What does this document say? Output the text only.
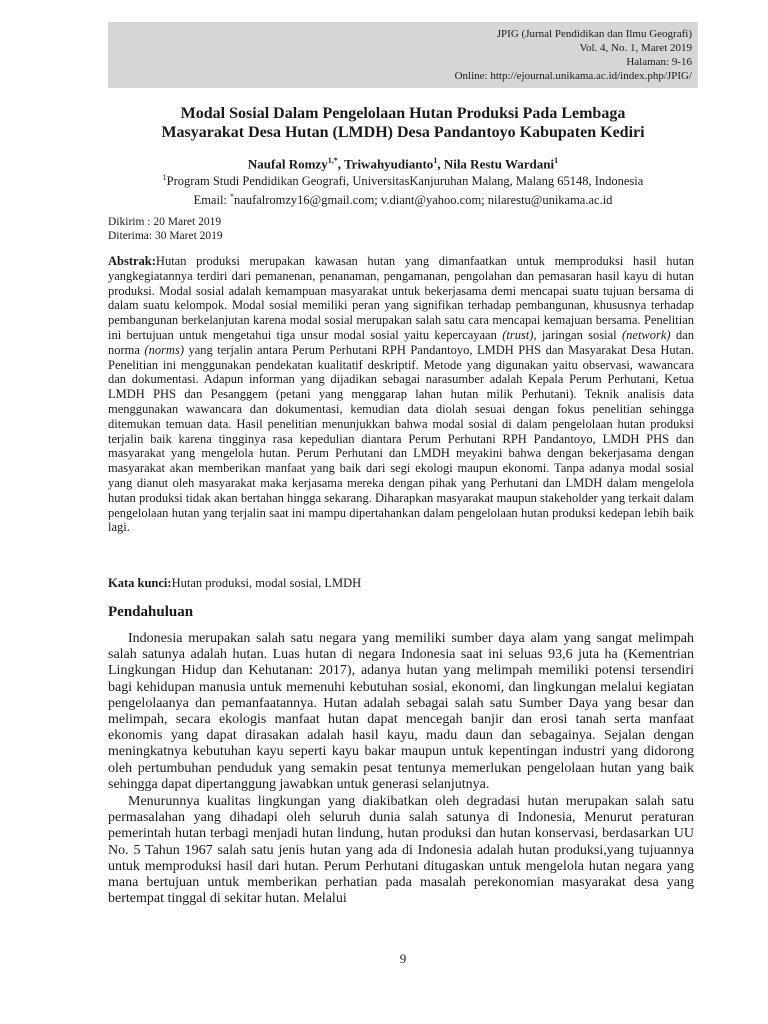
JPIG (Jurnal Pendidikan dan Ilmu Geografi)
Vol. 4, No. 1, Maret 2019
Halaman: 9-16
Online: http://ejournal.unikama.ac.id/index.php/JPIG/
Modal Sosial Dalam Pengelolaan Hutan Produksi Pada Lembaga
Masyarakat Desa Hutan (LMDH) Desa Pandantoyo Kabupaten Kediri
Naufal Romzy$^{1,*}$, Triwahyudianto$^1$, Nila Restu Wardani$^1$
$^1$Program Studi Pendidikan Geografi, UniversitasKanjuruhan Malang, Malang 65148, Indonesia
Email: *naufalromzy16@gmail.com; v.diant@yahoo.com; nilarestu@unikama.ac.id
Dikirim : 20 Maret 2019
Diterima: 30 Maret 2019
Abstrak:Hutan produksi merupakan kawasan hutan yang dimanfaatkan untuk memproduksi hasil hutan yangkegiatannya terdiri dari pemanenan, penanaman, pengamanan, pengolahan dan pemasaran hasil kayu di hutan produksi. Modal sosial adalah kemampuan masyarakat untuk bekerjasama demi mencapai suatu tujuan bersama di dalam suatu kelompok. Modal sosial memiliki peran yang signifikan terhadap pembangunan, khususnya terhadap pembangunan berkelanjutan karena modal sosial merupakan salah satu cara mencapai kemajuan bersama. Penelitian ini bertujuan untuk mengetahui tiga unsur modal sosial yaitu kepercayaan (trust), jaringan sosial (network) dan norma (norms) yang terjalin antara Perum Perhutani RPH Pandantoyo, LMDH PHS dan Masyarakat Desa Hutan. Penelitian ini menggunakan pendekatan kualitatif deskriptif. Metode yang digunakan yaitu observasi, wawancara dan dokumentasi. Adapun informan yang dijadikan sebagai narasumber adalah Kepala Perum Perhutani, Ketua LMDH PHS dan Pesanggem (petani yang menggarap lahan hutan milik Perhutani). Teknik analisis data menggunakan wawancara dan dokumentasi, kemudian data diolah sesuai dengan fokus penelitian sehingga ditemukan temuan data. Hasil penelitian menunjukkan bahwa modal sosial di dalam pengelolaan hutan produksi terjalin baik karena tingginya rasa kepedulian diantara Perum Perhutani RPH Pandantoyo, LMDH PHS dan masyarakat yang mengelola hutan. Perum Perhutani dan LMDH meyakini bahwa dengan bekerjasama dengan masyarakat akan memberikan manfaat yang baik dari segi ekologi maupun ekonomi. Tanpa adanya modal sosial yang dianut oleh masyarakat maka kerjasama mereka dengan pihak yang Perhutani dan LMDH dalam mengelola hutan produksi tidak akan bertahan hingga sekarang. Diharapkan masyarakat maupun stakeholder yang terkait dalam pengelolaan hutan yang terjalin saat ini mampu dipertahankan dalam pengelolaan hutan produksi kedepan lebih baik lagi.
Kata kunci:Hutan produksi, modal sosial, LMDH
Pendahuluan

Indonesia merupakan salah satu negara yang memiliki sumber daya alam yang sangat melimpah salah satunya adalah hutan. Luas hutan di negara Indonesia saat ini seluas 93,6 juta ha (Kementrian Lingkungan Hidup dan Kehutanan: 2017), adanya hutan yang melimpah memiliki potensi tersendiri bagi kehidupan manusia untuk memenuhi kebutuhan sosial, ekonomi, dan lingkungan melalui kegiatan pengelolaanya dan pemanfaatannya. Hutan adalah sebagai salah satu Sumber Daya yang besar dan melimpah, secara ekologis manfaat hutan dapat mencegah banjir dan erosi tanah serta manfaat ekonomis yang dapat dirasakan adalah hasil kayu, madu daun dan sebagainya. Sejalan dengan meningkatnya kebutuhan kayu seperti kayu bakar maupun untuk kepentingan industri yang didorong oleh pertumbuhan penduduk yang semakin pesat tentunya memerlukan pengelolaan hutan yang baik sehingga dapat dipertanggung jawabkan untuk generasi selanjutnya.

Menurunnya kualitas lingkungan yang diakibatkan oleh degradasi hutan merupakan salah satu permasalahan yang dihadapi oleh seluruh dunia salah satunya di Indonesia, Menurut peraturan pemerintah hutan terbagi menjadi hutan lindung, hutan produksi dan hutan konservasi, berdasarkan UU No. 5 Tahun 1967 salah satu jenis hutan yang ada di Indonesia adalah hutan produksi,yang tujuannya untuk memproduksi hasil dari hutan. Perum Perhutani ditugaskan untuk mengelola hutan negara yang mana bertujuan untuk memberikan perhatian pada masalah perekonomian masyarakat desa yang bertempat tinggal di sekitar hutan. Melalui

9
